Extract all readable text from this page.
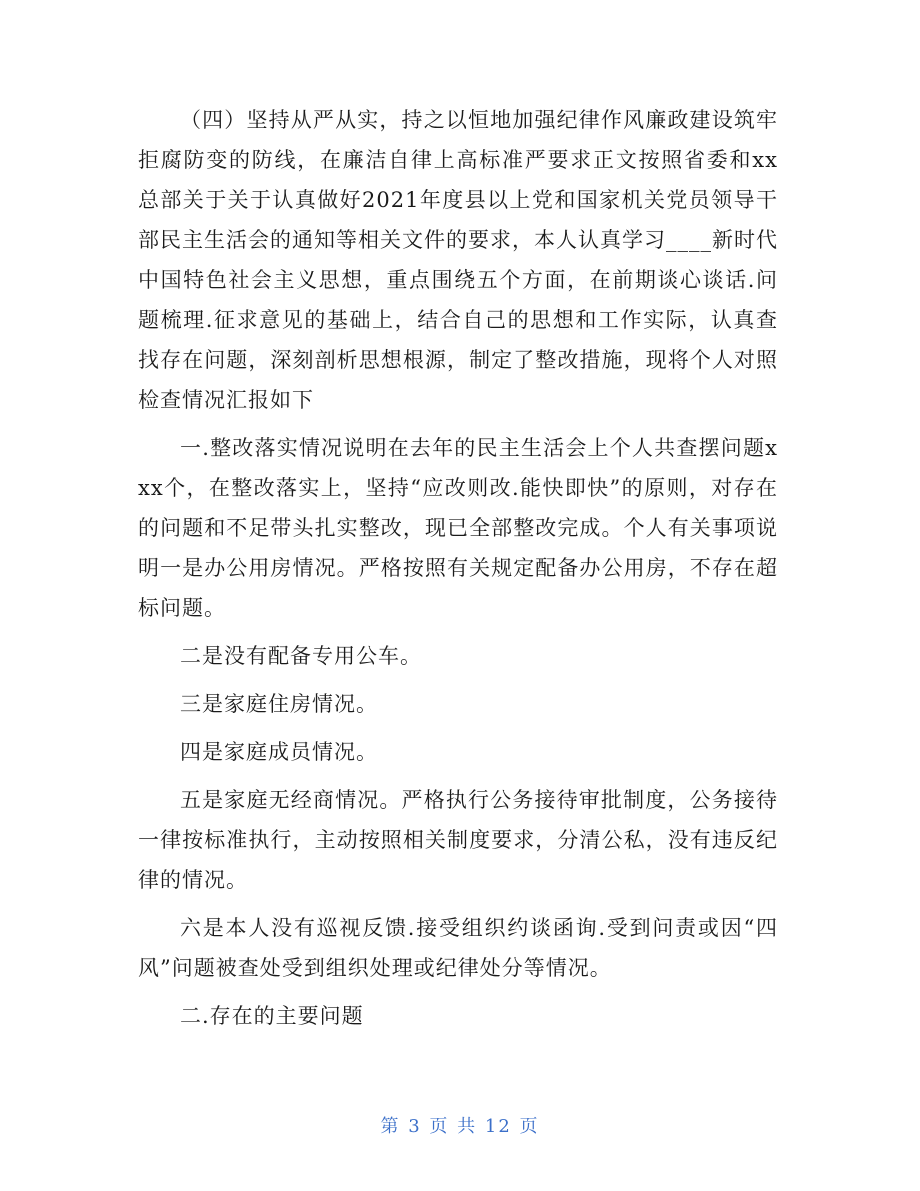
（四）坚持从严从实，持之以恒地加强纪律作风廉政建设筑牢拒腐防变的防线，在廉洁自律上高标准严要求正文按照省委和xx总部关于关于认真做好2021年度县以上党和国家机关党员领导干部民主生活会的通知等相关文件的要求，本人认真学习____新时代中国特色社会主义思想，重点围绕五个方面，在前期谈心谈话.问题梳理.征求意见的基础上，结合自己的思想和工作实际，认真查找存在问题，深刻剖析思想根源，制定了整改措施，现将个人对照检查情况汇报如下

一.整改落实情况说明在去年的民主生活会上个人共查摆问题xxx个，在整改落实上，坚持“应改则改.能快即快”的原则，对存在的问题和不足带头扎实整改，现已全部整改完成。个人有关事项说明一是办公用房情况。严格按照有关规定配备办公用房，不存在超标问题。

二是没有配备专用公车。

三是家庭住房情况。

四是家庭成员情况。

五是家庭无经商情况。严格执行公务接待审批制度，公务接待一律按标准执行，主动按照相关制度要求，分清公私，没有违反纪律的情况。

六是本人没有巡视反馈.接受组织约谈函询.受到问责或因“四风”问题被查处受到组织处理或纪律处分等情况。

二.存在的主要问题

第 3 页 共 12 页
